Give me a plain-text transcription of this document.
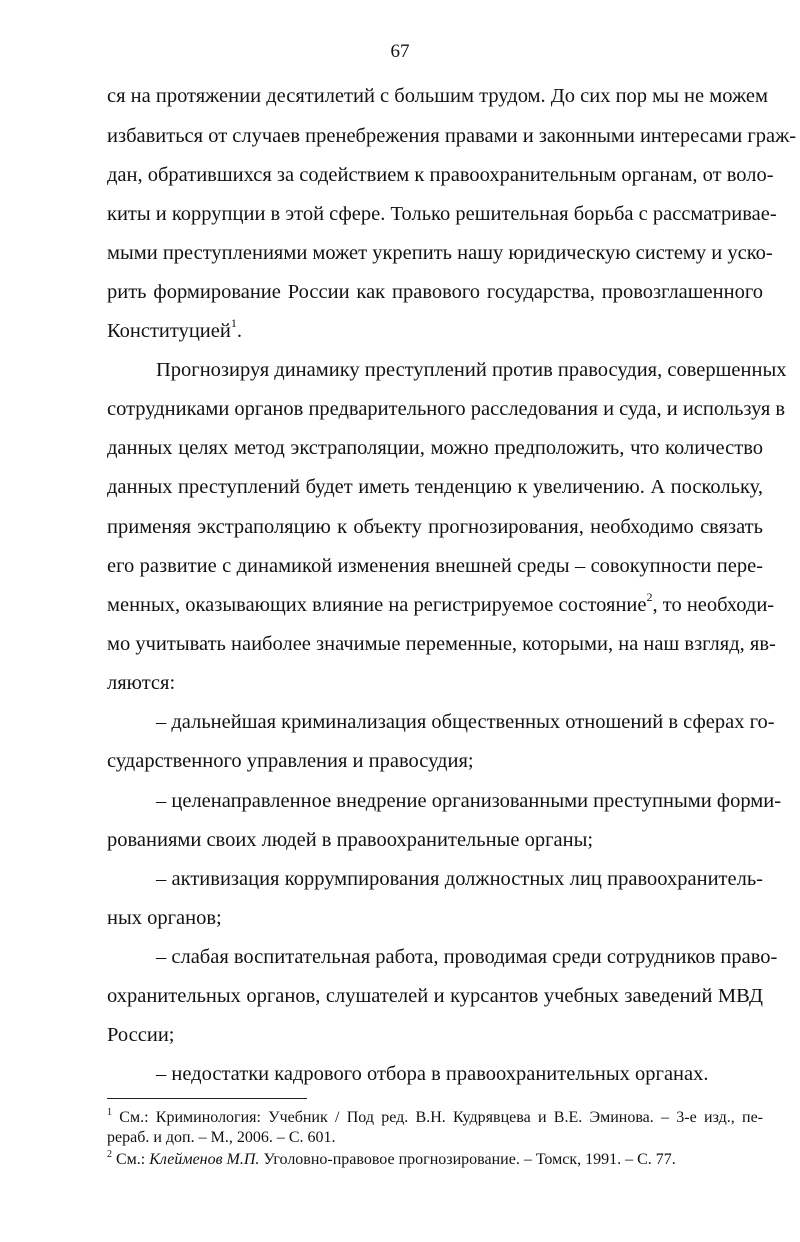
67
ся на протяжении десятилетий с большим трудом. До сих пор мы не можем
избавиться от случаев пренебрежения правами и законными интересами граж-
дан, обратившихся за содействием к правоохранительным органам, от воло-
киты и коррупции в этой сфере. Только решительная борьба с рассматривае-
мыми преступлениями может укрепить нашу юридическую систему и уско-
рить формирование России как правового государства, провозглашенного
Конституцией$^1$.
Прогнозируя динамику преступлений против правосудия, совершенных
сотрудниками органов предварительного расследования и суда, и используя в
данных целях метод экстраполяции, можно предположить, что количество
данных преступлений будет иметь тенденцию к увеличению. А поскольку,
применяя экстраполяцию к объекту прогнозирования, необходимо связать
его развитие с динамикой изменения внешней среды – совокупности пере-
менных, оказывающих влияние на регистрируемое состояние$^2$, то необходи-
мо учитывать наиболее значимые переменные, которыми, на наш взгляд, яв-
ляются:
– дальнейшая криминализация общественных отношений в сферах го-
сударственного управления и правосудия;
– целенаправленное внедрение организованными преступными форми-
рованиями своих людей в правоохранительные органы;
– активизация коррумпирования должностных лиц правоохранитель-
ных органов;
– слабая воспитательная работа, проводимая среди сотрудников право-
охранительных органов, слушателей и курсантов учебных заведений МВД
России;
– недостатки кадрового отбора в правоохранительных органах.
$^1$ См.: Криминология: Учебник / Под ред. В.Н. Кудрявцева и В.Е. Эминова. – 3-е изд., пе-
рераб. и доп. – М., 2006. – С. 601.
$^2$ См.: Клейменов М.П. Уголовно-правовое прогнозирование. – Томск, 1991. – С. 77.
